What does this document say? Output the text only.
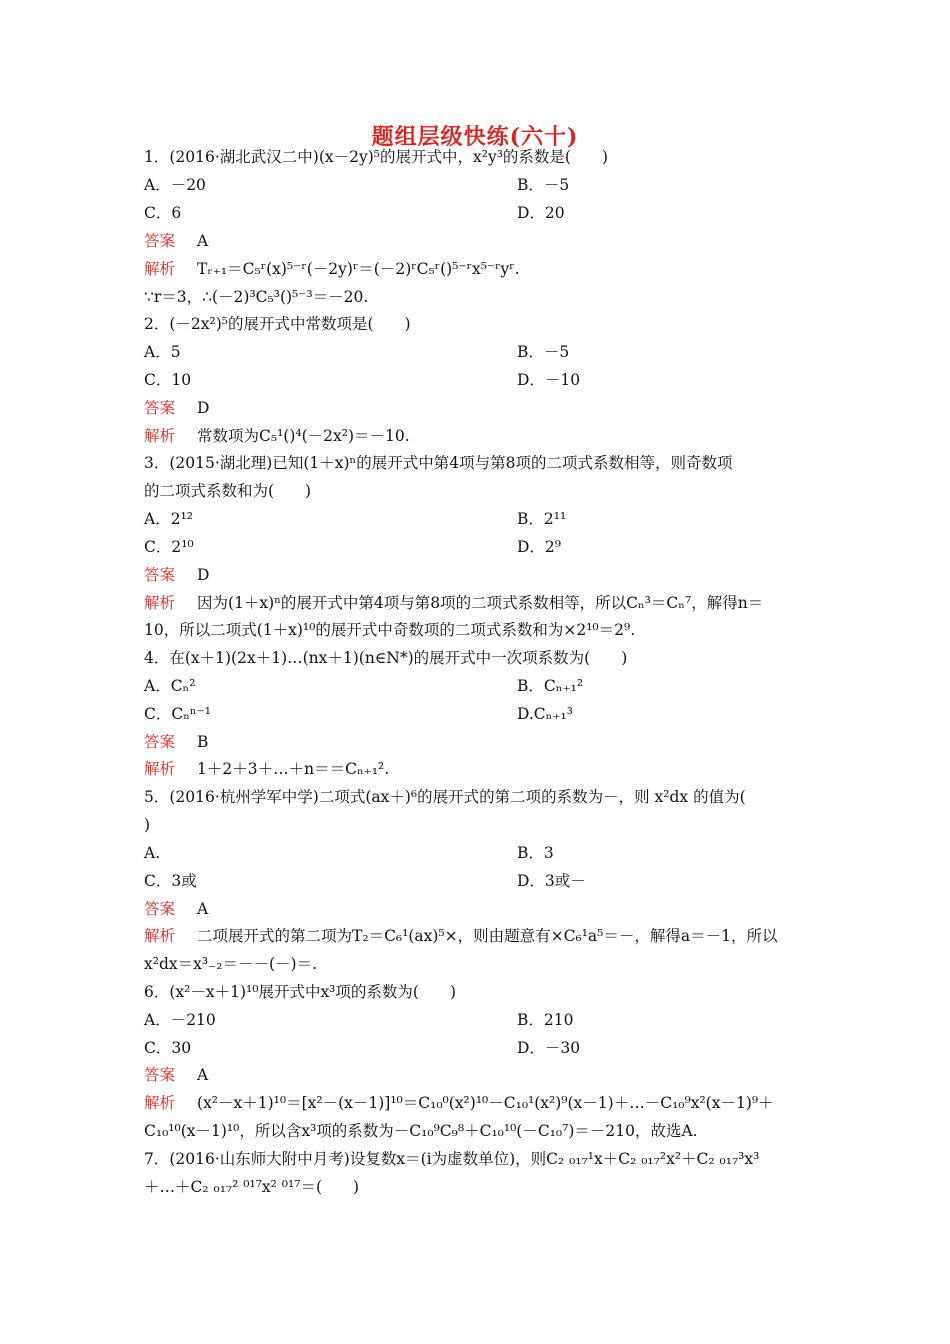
题组层级快练(六十)
1．(2016·湖北武汉二中)(x－2y)⁵的展开式中，x²y³的系数是(　　)
A．－20	B．－5
C．6	D．20
答案 A
解析 Tᵣ₊₁＝C₅ʳ(x)⁵⁻ʳ(－2y)ʳ＝(－2)ʳC₅ʳ()⁵⁻ʳx⁵⁻ʳyʳ.
∵r＝3，∴(－2)³C₅³()⁵⁻³＝－20.
2．(－2x²)⁵的展开式中常数项是(　　)
A．5	B．－5
C．10	D．－10
答案 D
解析 常数项为C₅¹()⁴(－2x²)＝－10.
3．(2015·湖北理)已知(1＋x)ⁿ的展开式中第4项与第8项的二项式系数相等，则奇数项
的二项式系数和为(　　)
A．2¹²	B．2¹¹
C．2¹⁰	D．2⁹
答案 D
解析 因为(1＋x)ⁿ的展开式中第4项与第8项的二项式系数相等，所以Cₙ³＝Cₙ⁷，解得n＝
10，所以二项式(1＋x)¹⁰的展开式中奇数项的二项式系数和为×2¹⁰＝2⁹.
4．在(x＋1)(2x＋1)…(nx＋1)(n∈N*)的展开式中一次项系数为(　　)
A．Cₙ²	B．Cₙ₊₁²
C．Cₙⁿ⁻¹	D.Cₙ₊₁³
答案 B
解析 1＋2＋3＋…＋n＝＝Cₙ₊₁².
5．(2016·杭州学军中学)二项式(ax＋)⁶的展开式的第二项的系数为－，则 x²dx 的值为(
)
A.	B．3
C．3或	D．3或－
答案 A
解析 二项展开式的第二项为T₂＝C₆¹(ax)⁵×，则由题意有×C₆¹a⁵＝－，解得a＝－1，所以
x²dx＝x³₋₂＝－－(－)＝.
6．(x²－x＋1)¹⁰展开式中x³项的系数为(　　)
A．－210	B．210
C．30	D．－30
答案 A
解析 (x²－x＋1)¹⁰＝[x²－(x－1)]¹⁰＝C₁₀⁰(x²)¹⁰－C₁₀¹(x²)⁹(x－1)＋…－C₁₀⁹x²(x－1)⁹＋
C₁₀¹⁰(x－1)¹⁰，所以含x³项的系数为－C₁₀⁹C₉⁸＋C₁₀¹⁰(－C₁₀⁷)＝－210，故选A.
7．(2016·山东师大附中月考)设复数x＝(i为虚数单位)，则C₂ ₀₁₇¹x＋C₂ ₀₁₇²x²＋C₂ ₀₁₇³x³
＋…＋C₂ ₀₁₇² ⁰¹⁷x² ⁰¹⁷＝(　　)
